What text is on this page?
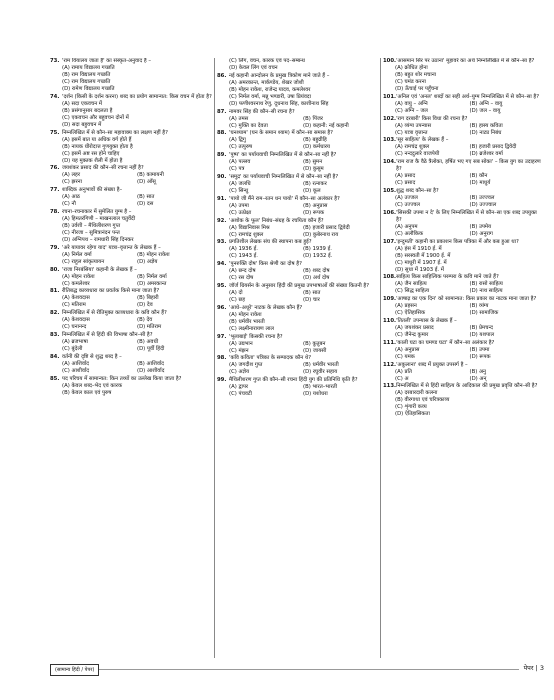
73. 'राम वियालय जाता है' का संस्कृत-अनुवाद है –
(A) रामाय विद्यालय गच्छति
(B) राम विद्यालय गच्छति
(C) राम विद्यालय गच्छति
(D) रामेण विद्यालय गच्छति
74. 'दर्शन (किसी के दर्शन करना) शब्द का प्रयोग सामान्यत: किस वचन में होता है?
(A) सदा एकवचन में
(B) प्रसंगानुसार बदलता है
(C) एकवचन और बहुवचन दोनों में
(D) सदा बहुवचन में
75. निम्नलिखित में से कौन–सा महावाक्य का लक्षण नहीं है?
(A) इसमें बात या अधिक वर्ग होते हैं
(B) नायक धीरोदात्त गुणयुक्त होता है
(C) इसमें अष्ट रस होने चाहिए
(D) यह मुक्तक शैली में होता है
76. जयशंकर प्रसाद की कौन–सी रचना नहीं है?
(A) लहर	(B) कामायनी
(C) झरना	(D) आँसू
77. शाब्दिक अनुभावों की संख्या है–
(A) आठ	(B) सात
(C) नौ	(D) दस
78. रचना–रचनाकार में सुमेलित युग्म है –
(A) हिमतरंगिणी – माखनलाल चतुर्वेदी
(B) उर्वशी – मैथिलीशरण गुप्त
(C) नीरजा – सुमित्रानंदन पन्त
(D) अग्निपथ – रामधारी सिंह दिनकर
79. 'अरे यायावर रहेगा याद' यात्रा–वृत्तान्त के लेखक हैं –
(A) निर्मल वर्मा	(B) मोहन राकेश
(C) राहुल सांकृत्यायन	(D) अज्ञेय
80. 'राजा निरबंसिया' कहानी के लेखक हैं –
(A) मोहन राकेश	(B) निर्मल वर्मा
(C) कमलेश्वर	(D) अमरकान्त
81. रीतिबद्ध काव्यधारा का प्रवर्तक किसे माना जाता है?
(A) केशवदास	(B) बिहारी
(C) मतिराम	(D) देव
82. निम्नलिखित में से रीतिमुक्त काव्यधारा के कवि कौन हैं?
(A) केशवदास	(B) देव
(C) घनानन्द	(D) मतिराम
83. निम्नलिखित में से हिंदी की विभाषा कौन–सी है?
(A) ब्रजभाषा	(B) अवधी
(C) बुंदेली	(D) पूर्वी हिंदी
84. वर्तनी की दृष्टि से शुद्ध शब्द है –
(A) आशिर्वाद	(B) आशिर्वाद
(C) आशीर्वाद	(D) आशीर्वाद
85. पद परिचय में सामान्यत: किन तथ्यों का उल्लेख किया जाता है?
(A) केवल शब्द–भेद एवं कारक
(B) केवल काल एवं पुरुष
(C) लिंग, वचन, कारक एवं पद–सम्बन्ध
(D) केवल लिंग एवं वचन
86. नई कहानी आन्दोलन के प्रमुख त्रिकोण माने जाते हैं –
(A) अमरकान्त, मार्कण्डेय, शेखर जोशी
(B) मोहन राकेश, राजेन्द्र यादव, कमलेश्वर
(C) निर्मल वर्मा, मन्नू भण्डारी, उषा प्रियंवदा
(D) फणीश्वरनाथ रेणु, दूधनाथ सिंह, काशीनाथ सिंह
87. नामवर सिंह की कौन–सी रचना है?
(A) तमस	(B) पिंजर
(C) मुक्ति का देवता	(D) कहानी: नई कहानी
88. 'घनश्याम' (घन के समान श्याम) में कौन–सा समास है?
(A) द्विगु	(B) बहुव्रीहि
(C) तत्पुरुष	(D) कर्मधारय
89. 'पुष्प' का पर्यायवाची निम्नलिखित में से कौन–सा नहीं है?
(A) पल्लव	(B) सुमन
(C) पत्र	(D) कुसुम
90. 'समुद्र' का पर्यायवाची निम्नलिखित में से कौन–सा नहीं है?
(A) जलधि	(B) रत्नाकर
(C) सिन्धु	(D) कूल
91. 'पायो जी मैंने राम–रतन धन पायो' में कौन–सा अलंकार है?
(A) उपमा	(B) अनुप्रास
(C) उत्प्रेक्षा	(D) रूपक
92. 'अशोक के फूल' निबंध–संग्रह के रचयिता कौन हैं?
(A) विद्यानिवास मिश्र	(B) हजारी प्रसाद द्विवेदी
(C) रामचंद्र शुक्ल	(D) कुबेरनाथ राय
93. प्रगतिशील लेखक संघ की स्थापना कब हुई?
(A) 1936 ई.	(B) 1939 ई.
(C) 1943 ई.	(D) 1932 ई.
94. 'पुनरुक्ति दोष' किस श्रेणी का दोष है?
(A) छन्द दोष	(B) शब्द दोष
(C) रस दोष	(D) अर्थ दोष
95. जॉर्ज ग्रियर्सन के अनुसार हिंदी की प्रमुख उपभाषाओं की संख्या कितनी है?
(A) दो	(B) सात
(C) छह	(D) चार
96. 'आधे–अधूरे' नाटक के लेखक कौन हैं?
(A) मोहन राकेश
(B) धर्मवीर भारती
(C) लक्ष्मीनारायण लाल
97. 'भूलाबाई' किसकी रचना है?
(A) उद्यभान	(B) कुतुबन
(C) मंझन	(D) जायसी
98. 'कवि कविता' पत्रिका के सम्पादक कौन थे?
(A) जगदीश गुप्त	(B) धर्मवीर भारती
(C) अज्ञेय	(D) रघुवीर सहाय
99. मैथिलीशरण गुप्त की कौन–सी रचना हिंदी युग की प्रतिनिधि कृति है?
(A) द्वापर	(B) भारत–भारती
(C) पंचवटी	(D) यशोधरा
100. 'आसमान सिर पर उठाना' मुहावरे का अर्थ निम्नलिखित में से कौन–सा है?
(A) क्रोधित होना
(B) बहुत शोर मचाना
(C) घमंड करना
(D) ऊँचाई पर पहुँचना
101. 'अनिल एवं 'अनल' शब्दों का सही अर्थ–युग्म निम्नलिखित में से कौन–सा है?
(A) वायु – अग्नि	(B) अग्नि – वायु
(C) अग्नि – जल	(D) जल – वायु
102. 'राग दरबारी' किस विधा की रचना है?
(A) व्यंग्य उपन्यास	(B) हास्य कविता
(C) यात्रा वृत्तान्त	(D) नाट्य निबंध
103. 'सूर साहित्य' के लेखक हैं –
(A) रामचंद्र शुक्ल	(B) हजारी प्रसाद द्विवेदी
(C) नन्ददुलारे वाजपेयी	(D) ब्रजेश्वर वर्मा
104. 'राम राज कै वैठे त्रैलोका, हर्षित भए गए सब सोका' – किस युग का उदाहरण है?
(A) प्रसाद	(B) कौन
(C) प्रसाद	(D) माधुर्य
105. शुद्ध शब्द कौन–सा है?
(A) उज्जल	(B) उज्ज्वल
(C) उज्ज्वल	(D) उज्ज्वाल
106. 'सिसकी उपमा न दे' के लिए निम्नलिखित में से कौन–सा एक शब्द उपयुक्त है?
(A) अनुपम	(B) उपमेय
(C) अलौकिक	(D) अनुराग
107. 'इन्दुमती' कहानी का प्रकाशन किस पत्रिका में और कब हुआ था?
(A) हंस में 1910 ई. में
(B) सरस्वती में 1900 ई. में
(C) माधुरी में 1907 ई. में
(D) सुधा में 1903 ई. में
108. साहित्य किस साहित्यिक परम्परा के कवि माने जाते हैं?
(A) जैन साहित्य	(B) रासो साहित्य
(C) सिद्ध साहित्य	(D) नाथ साहित्य
109. 'आषाढ़ का एक दिन' को सामान्यत: किस प्रकार का नाटक माना जाता है?
(A) प्रहसन	(B) व्यंग्य
(C) ऐतिहासिक	(D) सामाजिक
110. 'तितली' उपन्यास के लेखक हैं –
(A) जयशंकर प्रसाद	(B) प्रेमचन्द
(C) जैनेन्द्र कुमार	(D) यशपाल
111. 'काली घटा का घमण्ड घटा' में कौन–सा अलंकार है?
(A) अनुप्रास	(B) उपमा
(C) यमक	(D) रूपक
112. 'अकुलाना' शब्द में प्रयुक्त उपसर्ग है –
(A) प्रति	(B) अनु
(C) अ	(D) अन्
113. निम्नलिखित में से हिंदी साहित्य के आदिकाल की प्रमुख प्रवृत्ति कौन–सी है?
(A) दरबारदारी कलना
(B) वीरगाथा एवं चरित्रकाव्य
(C) शृंगारी कव्य
(D) ऐतिहासिकता
(सामान्य हिंदी / पेपर)	पेपर | 3
